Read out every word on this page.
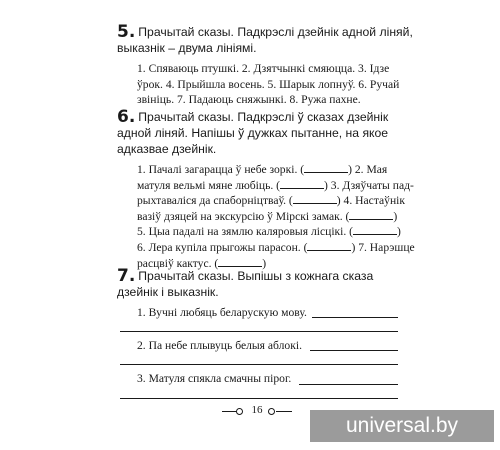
5. Прачытай сказы. Падкрэслі дзейнік адной ліняй, выказнік – двума лініямі.
1. Спяваюць птушкі. 2. Дзятчынкі смяюцца. 3. Ідзе
ўрок. 4. Прыйшла восень. 5. Шарык лопнуў. 6. Ручай
звініць. 7. Падаюць сняжынкі. 8. Ружа пахне.
6. Прачытай сказы. Падкрэслі ў сказах дзейнік адной ліняй. Напішы ў дужках пытанне, на якое адказвае дзейнік.
1. Пачалі загарацца ў небе зоркі. (	) 2. Мая
матуля вельмі мяне любіць. (	) 3. Дзяўчаты пад-
рыхтаваліся да спаборніцтваў. (	) 4. Настаўнік
вазіў дзяцей на экскурсію ў Мірскі замак. (	)
5. Цыа падалі на зямлю каляровыя лісцікі. (	)
6. Лера купіла прыгожы парасон. (	) 7. Нарэшце
расцвіў кактус. (	)
7. Прачытай сказы. Выпішы з кожнага сказа дзейнік і выказнік.
1. Вучні любяць беларускую мову.
2. Па небе плывуць белыя аблокі.
3. Матуля спякла смачны пірог.
16
universal.by
